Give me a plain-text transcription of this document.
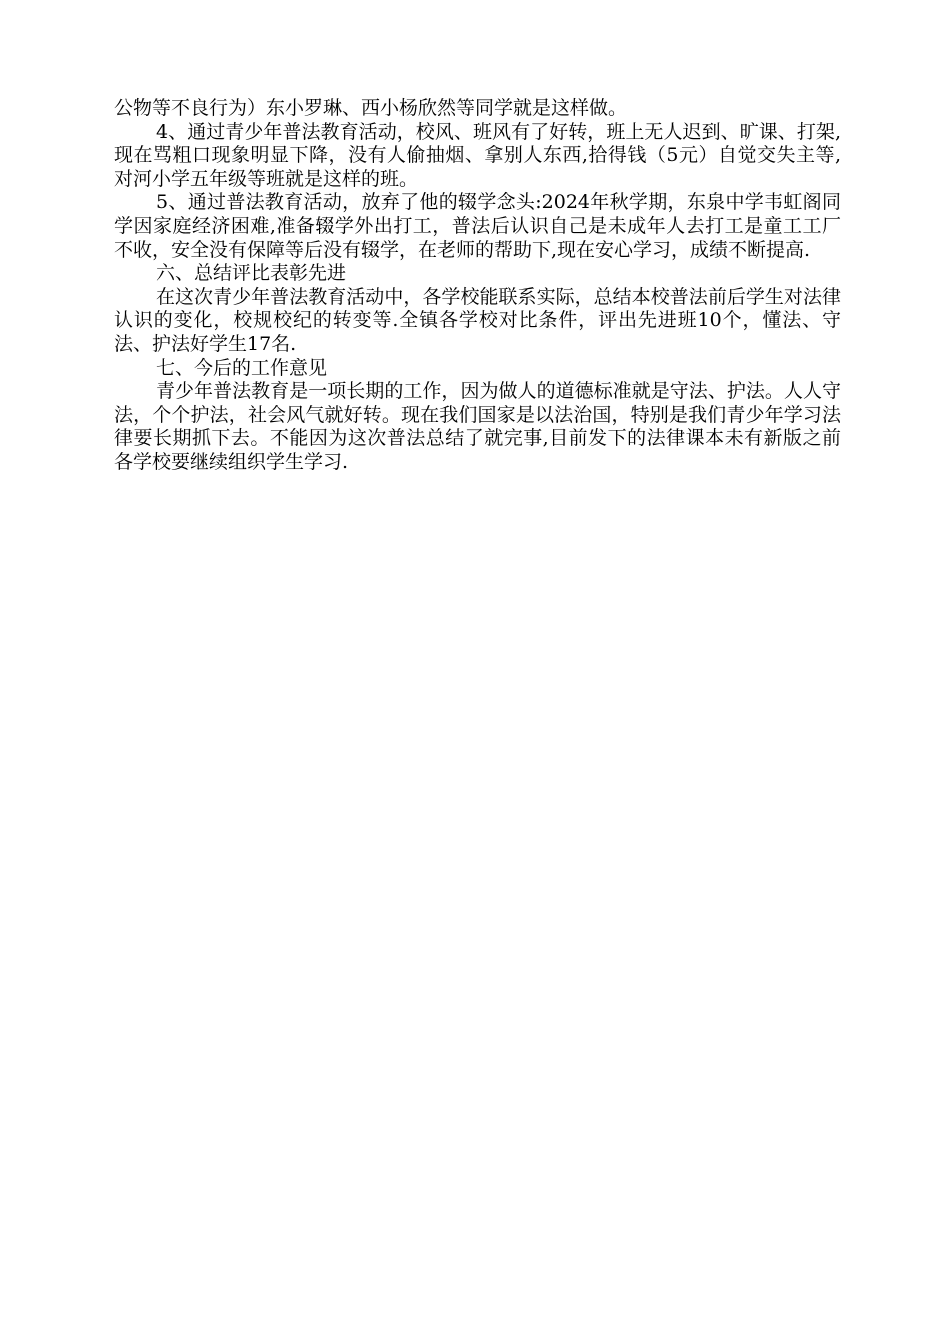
公物等不良行为）东小罗琳、西小杨欣然等同学就是这样做。

4、通过青少年普法教育活动，校风、班风有了好转，班上无人迟到、旷课、打架,现在骂粗口现象明显下降，没有人偷抽烟、拿别人东西,拾得钱（5元）自觉交失主等,对河小学五年级等班就是这样的班。

5、通过普法教育活动，放弃了他的辍学念头:2024年秋学期，东泉中学韦虹阁同学因家庭经济困难,准备辍学外出打工，普法后认识自己是未成年人去打工是童工工厂不收，安全没有保障等后没有辍学，在老师的帮助下,现在安心学习，成绩不断提高.

六、总结评比表彰先进

在这次青少年普法教育活动中，各学校能联系实际，总结本校普法前后学生对法律认识的变化，校规校纪的转变等.全镇各学校对比条件，评出先进班10个，懂法、守法、护法好学生17名.

七、今后的工作意见

青少年普法教育是一项长期的工作，因为做人的道德标准就是守法、护法。人人守法，个个护法，社会风气就好转。现在我们国家是以法治国，特别是我们青少年学习法律要长期抓下去。不能因为这次普法总结了就完事,目前发下的法律课本未有新版之前各学校要继续组织学生学习.
